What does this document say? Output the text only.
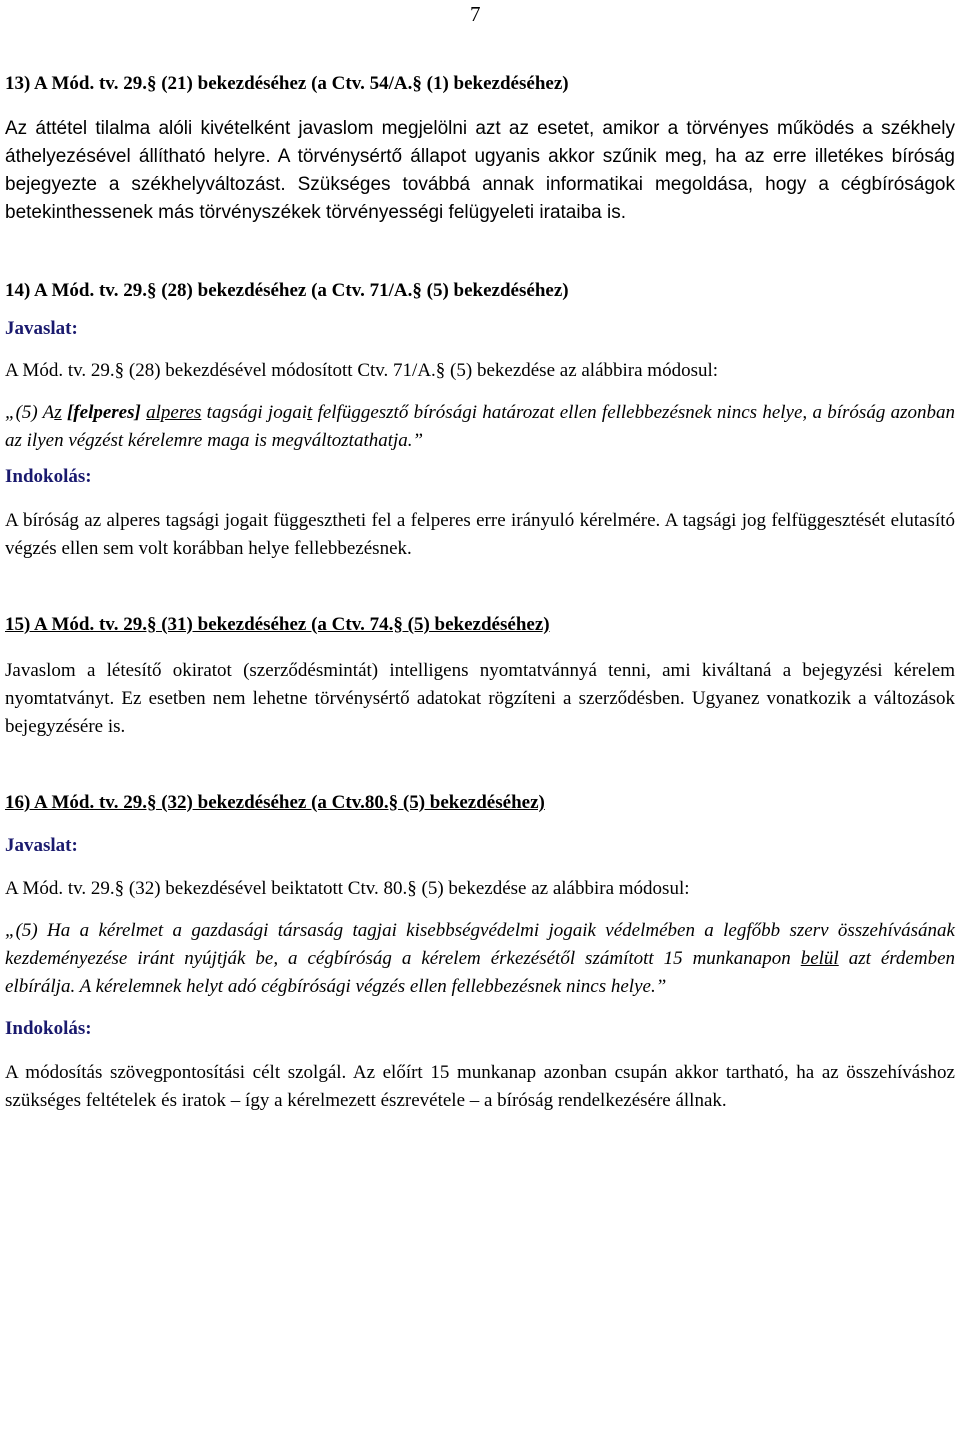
7

13) A Mód. tv. 29.§ (21) bekezdéséhez (a Ctv. 54/A.§ (1) bekezdéséhez)

Az áttétel tilalma alóli kivételként javaslom megjelölni azt az esetet, amikor a törvényes működés a székhely áthelyezésével állítható helyre. A törvénysértő állapot ugyanis akkor szűnik meg, ha az erre illetékes bíróság bejegyezte a székhelyváltozást. Szükséges továbbá annak informatikai megoldása, hogy a cégbíróságok betekinthessenek más törvényszékek törvényességi felügyeleti irataiba is.

14) A Mód. tv. 29.§ (28) bekezdéséhez (a Ctv. 71/A.§ (5) bekezdéséhez)

Javaslat:

A Mód. tv. 29.§ (28) bekezdésével módosított Ctv. 71/A.§ (5) bekezdése az alábbira módosul:

„(5) Az [felperes] alperes tagsági jogait felfüggesztő bírósági határozat ellen fellebbezésnek nincs helye, a bíróság azonban az ilyen végzést kérelemre maga is megváltoztathatja.”

Indokolás:

A bíróság az alperes tagsági jogait függesztheti fel a felperes erre irányuló kérelmére. A tagsági jog felfüggesztését elutasító végzés ellen sem volt korábban helye fellebbezésnek.

15) A Mód. tv. 29.§ (31) bekezdéséhez (a Ctv. 74.§ (5) bekezdéséhez)

Javaslom a létesítő okiratot (szerződésmintát) intelligens nyomtatvánnyá tenni, ami kiváltaná a bejegyzési kérelem nyomtatványt. Ez esetben nem lehetne törvénysértő adatokat rögzíteni a szerződésben. Ugyanez vonatkozik a változások bejegyzésére is.

16) A Mód. tv. 29.§ (32) bekezdéséhez (a Ctv.80.§ (5) bekezdéséhez)

Javaslat:

A Mód. tv. 29.§ (32) bekezdésével beiktatott Ctv. 80.§ (5) bekezdése az alábbira módosul:

„(5) Ha a kérelmet a gazdasági társaság tagjai kisebbségvédelmi jogaik védelmében a legfőbb szerv összehívásának kezdeményezése iránt nyújtják be, a cégbíróság a kérelem érkezésétől számított 15 munkanapon belül azt érdemben elbírálja. A kérelemnek helyt adó cégbírósági végzés ellen fellebbezésnek nincs helye.”

Indokolás:

A módosítás szövegpontosítási célt szolgál. Az előírt 15 munkanap azonban csupán akkor tartható, ha az összehíváshoz szükséges feltételek és iratok – így a kérelmezett észrevétele – a bíróság rendelkezésére állnak.
